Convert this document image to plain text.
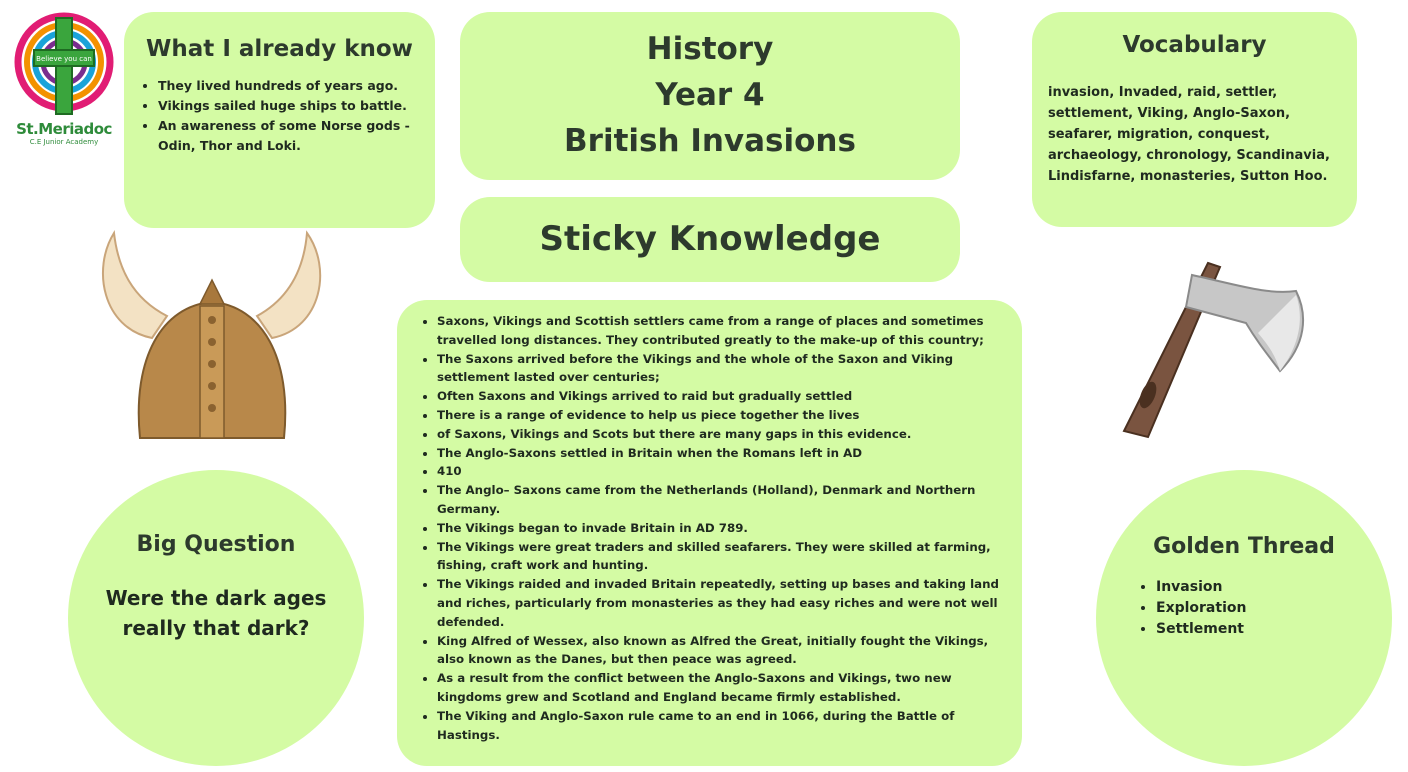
Believe you can
St.Meriadoc
C.E Junior Academy
What I already know
• They lived hundreds of years ago.
• Vikings sailed huge ships to battle.
• An awareness of some Norse gods - Odin, Thor and Loki.
History
Year 4
British Invasions
Sticky Knowledge
Vocabulary

invasion, Invaded, raid, settler, settlement, Viking, Anglo-Saxon, seafarer, migration, conquest, archaeology, chronology, Scandinavia, Lindisfarne, monasteries, Sutton Hoo.

• Saxons, Vikings and Scottish settlers came from a range of places and sometimes travelled long distances. They contributed greatly to the make-up of this country;
• The Saxons arrived before the Vikings and the whole of the Saxon and Viking settlement lasted over centuries;
• Often Saxons and Vikings arrived to raid but gradually settled
• There is a range of evidence to help us piece together the lives
• of Saxons, Vikings and Scots but there are many gaps in this evidence.
• The Anglo-Saxons settled in Britain when the Romans left in AD
• 410
• The Anglo– Saxons came from the Netherlands (Holland), Denmark and Northern Germany.
• The Vikings began to invade Britain in AD 789.
• The Vikings were great traders and skilled seafarers. They were skilled at farming, fishing, craft work and hunting.
• The Vikings raided and invaded Britain repeatedly, setting up bases and taking land and riches, particularly from monasteries as they had easy riches and were not well defended.
• King Alfred of Wessex, also known as Alfred the Great, initially fought the Vikings, also known as the Danes, but then peace was agreed.
• As a result from the conflict between the Anglo-Saxons and Vikings, two new kingdoms grew and Scotland and England became firmly established.
• The Viking and Anglo-Saxon rule came to an end in 1066, during the Battle of Hastings.
Big Question

Were the dark ages really that dark?

Golden Thread
• Invasion
• Exploration
• Settlement
